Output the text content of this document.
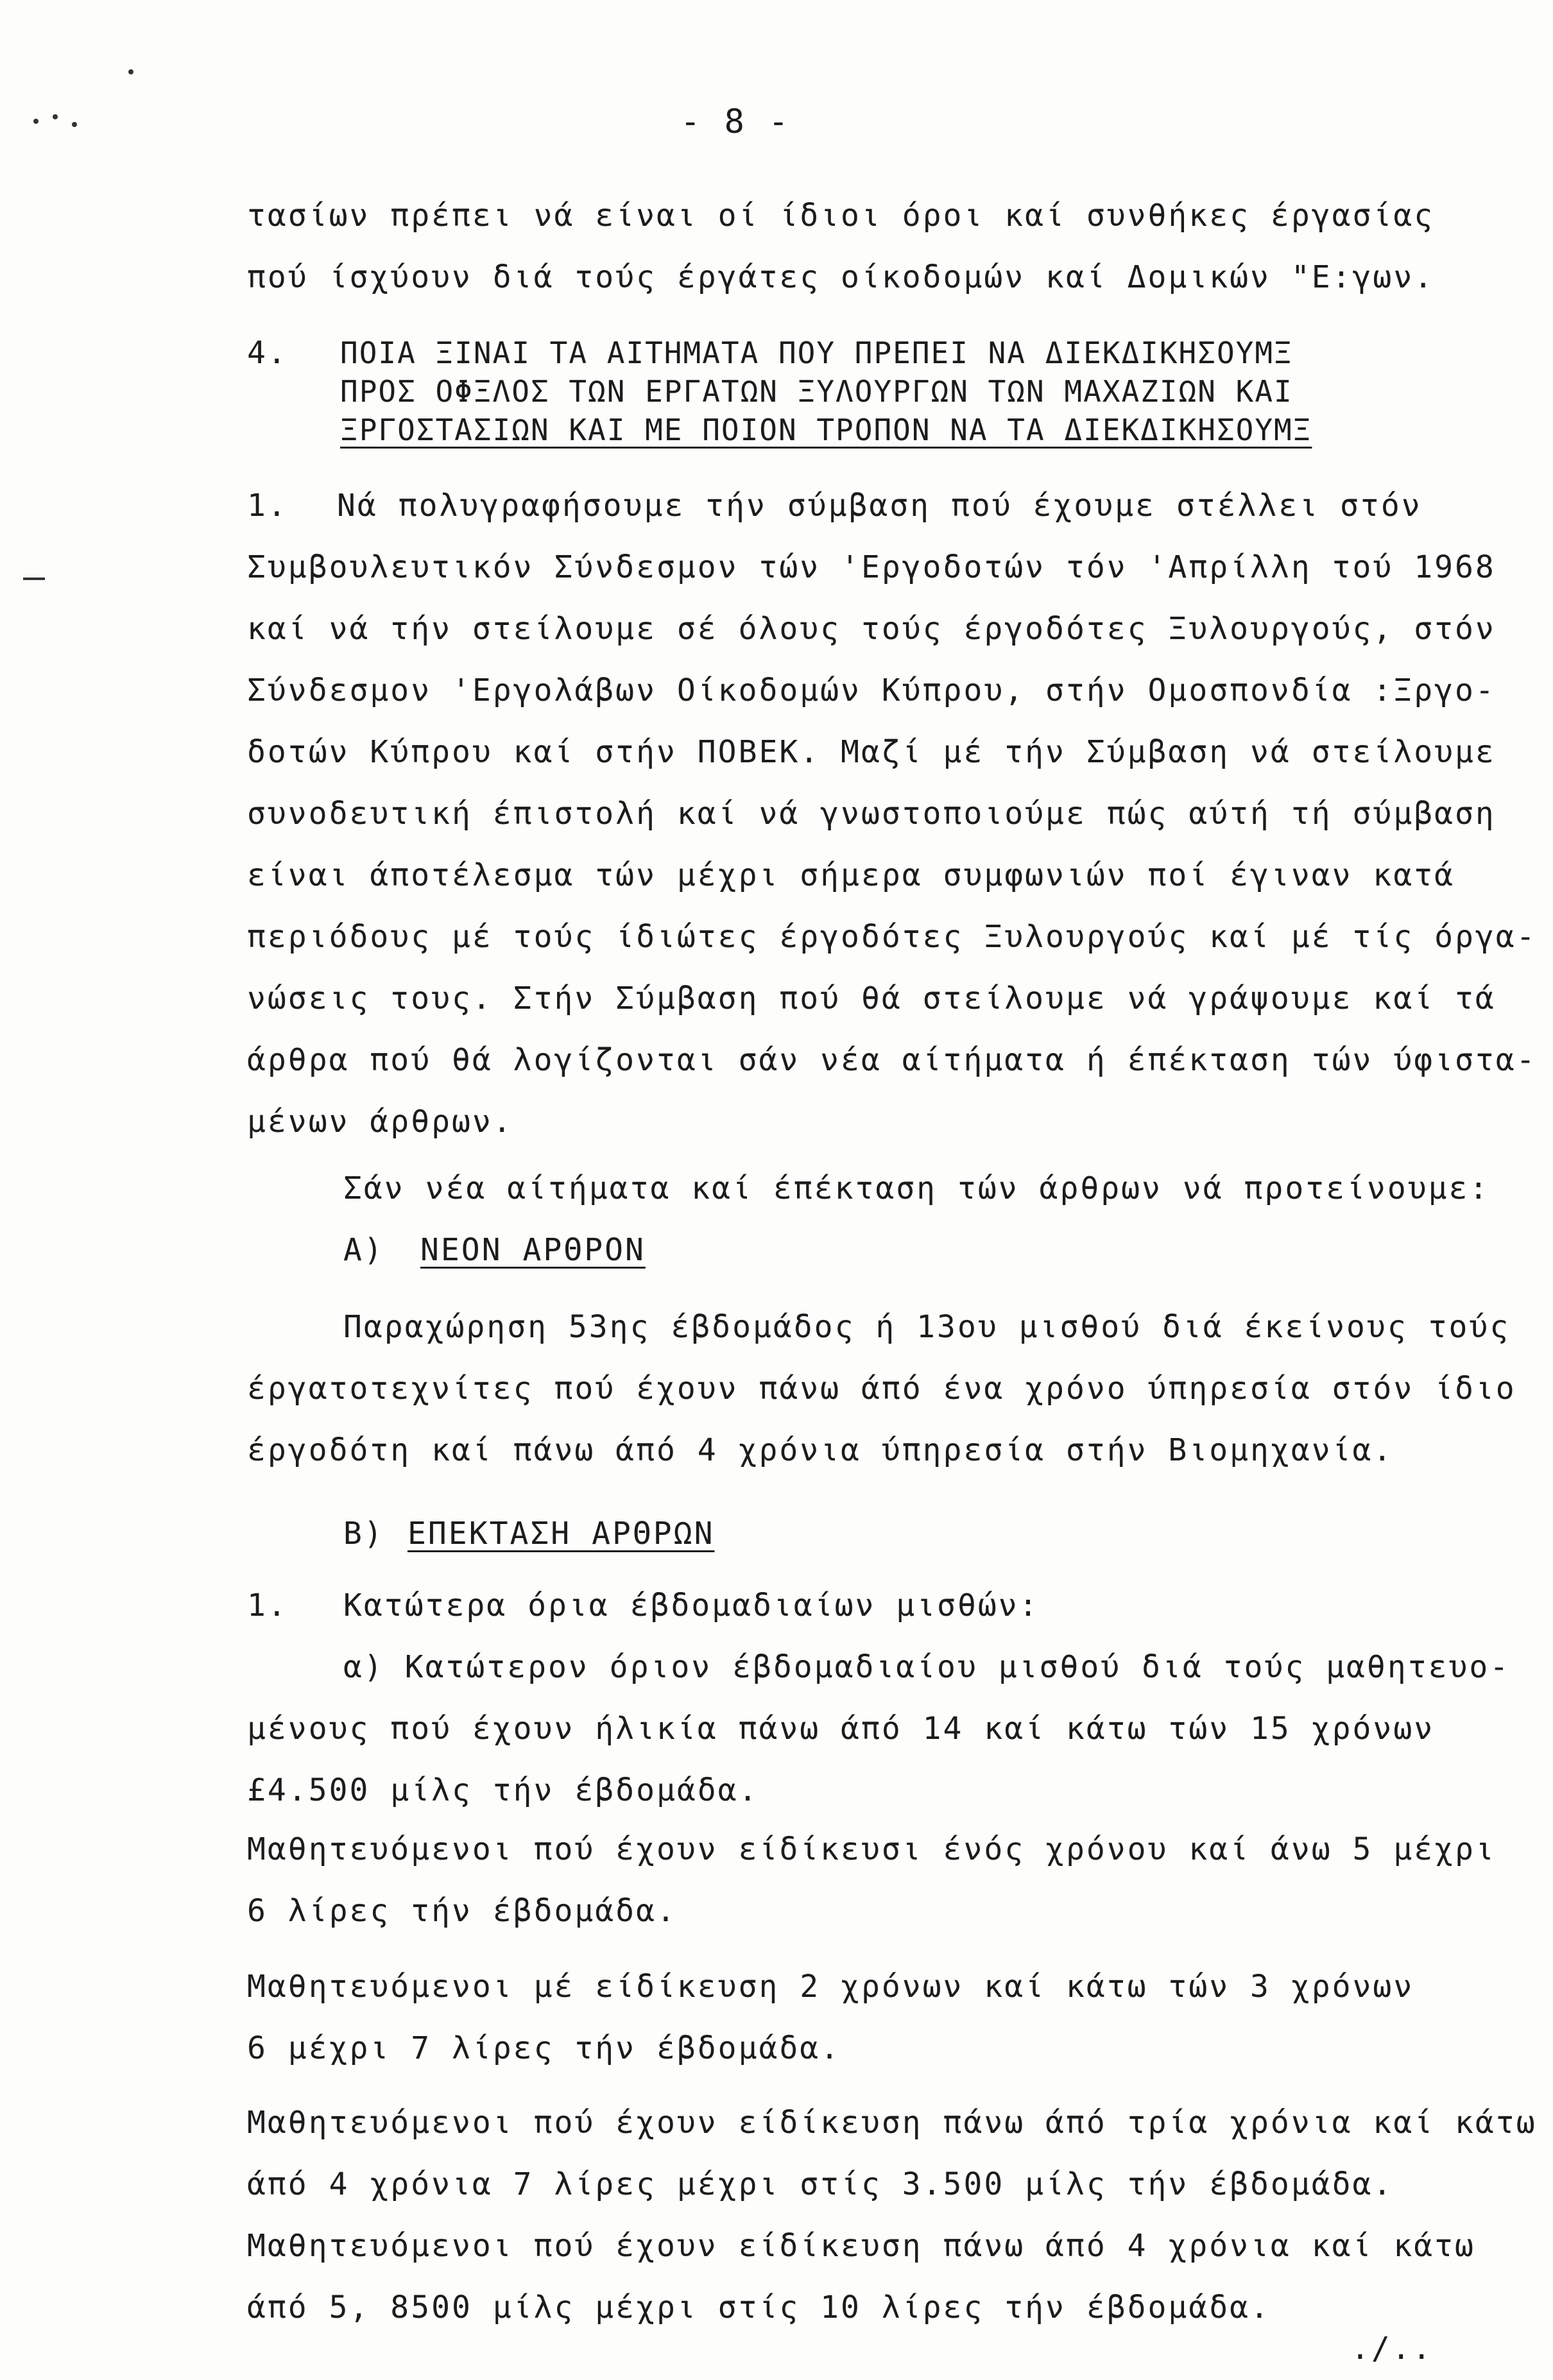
- 8 -
τασίων πρέπει νά είναι οί ίδιοι όροι καί συνθήκες έργασίας
πού ίσχύουν διά τούς έργάτες οίκοδομών καί Δομικών "Ε:γων.
4. ΠΟΙΑ ΞΙΝΑΙ ΤΑ ΑΙΤΗΜΑΤΑ ΠΟΥ ΠΡΕΠΕΙ ΝΑ ΔΙΕΚΔΙΚΗΣΟΥΜΞ
ΠΡΟΣ ΟΦΞΛΟΣ ΤΩΝ ΕΡΓΑΤΩΝ ΞΥΛΟΥΡΓΩΝ ΤΩΝ ΜΑΧΑΖΙΩΝ ΚΑΙ
ΞΡΓΟΣΤΑΣΙΩΝ ΚΑΙ ΜΕ ΠΟΙΟΝ ΤΡΟΠΟΝ ΝΑ ΤΑ ΔΙΕΚΔΙΚΗΣΟΥΜΞ
1. Νά πολυγραφήσουμε τήν σύμβαση πού έχουμε στέλλει στόν
Συμβουλευτικόν Σύνδεσμον τών 'Εργοδοτών τόν 'Απρίλλη τού 1968
καί νά τήν στείλουμε σέ όλους τούς έργοδότες Ξυλουργούς, στόν
Σύνδεσμον 'Εργολάβων Οίκοδομών Κύπρου, στήν Ομοσπονδία :Ξργο-
δοτών Κύπρου καί στήν ΠΟΒΕΚ. Μαζί μέ τήν Σύμβαση νά στείλουμε
συνοδευτική έπιστολή καί νά γνωστοποιούμε πώς αύτή τή σύμβαση
είναι άποτέλεσμα τών μέχρι σήμερα συμφωνιών ποί έγιναν κατά
περιόδους μέ τούς ίδιώτες έργοδότες Ξυλουργούς καί μέ τίς όργα-
νώσεις τους. Στήν Σύμβαση πού θά στείλουμε νά γράψουμε καί τά
άρθρα πού θά λογίζονται σάν νέα αίτήματα ή έπέκταση τών ύφιστα-
μένων άρθρων.
Σάν νέα αίτήματα καί έπέκταση τών άρθρων νά προτείνουμε:
A) ΝΕΟΝ ΑΡΘΡΟΝ
Παραχώρηση 53ης έβδομάδος ή 13ου μισθού διά έκείνους τούς
έργατοτεχνίτες πού έχουν πάνω άπό ένα χρόνο ύπηρεσία στόν ίδιο
έργοδότη καί πάνω άπό 4 χρόνια ύπηρεσία στήν Βιομηχανία.
B) ΕΠΕΚΤΑΣΗ ΑΡΘΡΩΝ
1. Κατώτερα όρια έβδομαδιαίων μισθών:
α) Κατώτερον όριον έβδομαδιαίου μισθού διά τούς μαθητευο-
μένους πού έχουν ήλικία πάνω άπό 14 καί κάτω τών 15 χρόνων
£4.500 μίλς τήν έβδομάδα.
Μαθητευόμενοι πού έχουν είδίκευσι ένός χρόνου καί άνω 5 μέχρι
6 λίρες τήν έβδομάδα.
Μαθητευόμενοι μέ είδίκευση 2 χρόνων καί κάτω τών 3 χρόνων
6 μέχρι 7 λίρες τήν έβδομάδα.
Μαθητευόμενοι πού έχουν είδίκευση πάνω άπό τρία χρόνια καί κάτω
άπό 4 χρόνια 7 λίρες μέχρι στίς 3.500 μίλς τήν έβδομάδα.
Μαθητευόμενοι πού έχουν είδίκευση πάνω άπό 4 χρόνια καί κάτω
άπό 5, 8500 μίλς μέχρι στίς 10 λίρες τήν έβδομάδα.
./..
